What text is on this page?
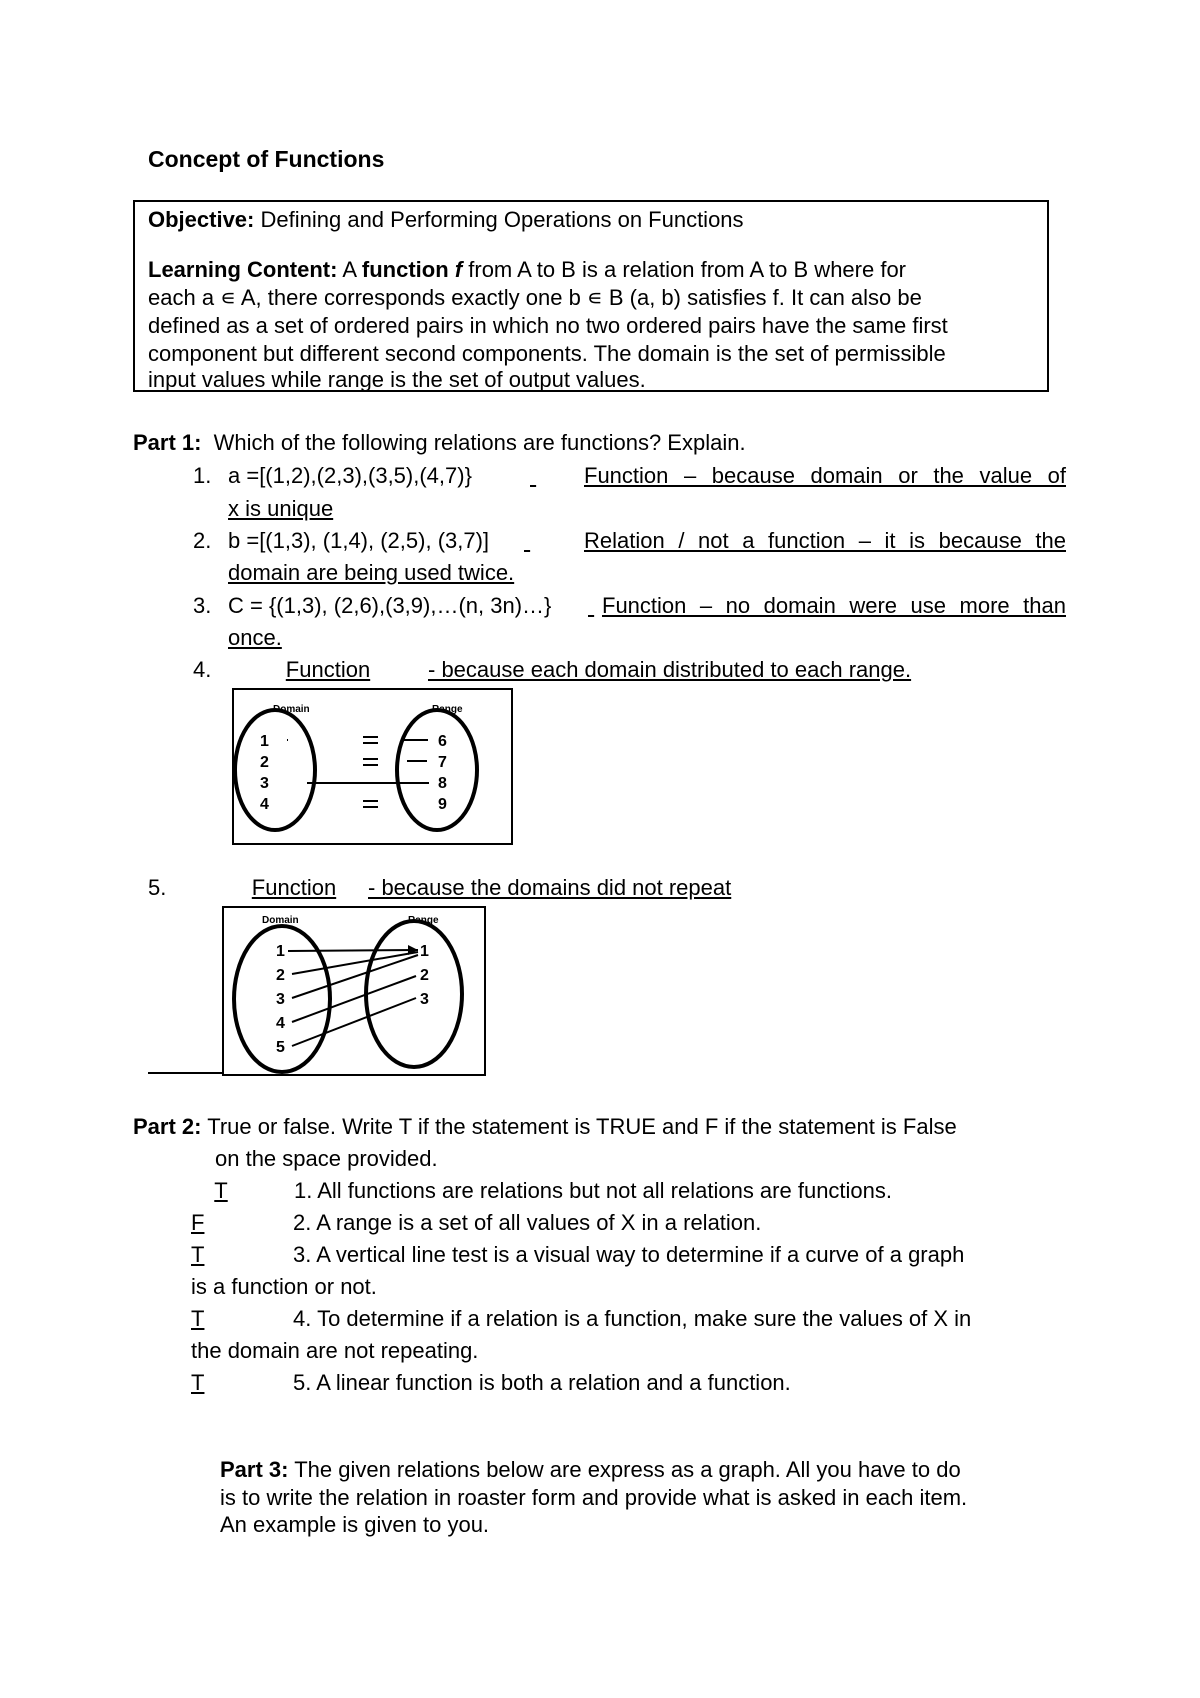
Concept of Functions

Objective: Defining and Performing Operations on Functions

Learning Content: A function f from A to B is a relation from A to B where for

each a ∊ A, there corresponds exactly one b ∊ B (a, b) satisfies f. It can also be

defined as a set of ordered pairs in which no two ordered pairs have the same first

component but different second components. The domain is the set of permissible

input values while range is the set of output values.

Part 1: Which of the following relations are functions? Explain.
1. a =[(1,2),(2,3),(3,5),(4,7)}
	Function – because domain or the value of
x is unique
2. b =[(1,3), (1,4), (2,5), (3,7)]
	Relation / not a function – it is because the
domain are being used twice.
3. C = {(1,3), (2,6),(3,9),…(n, 3n)…}
Function – no domain were use more than
once.
4.	Function	- because each domain distributed to each range.
Domain	Range
1
2
3
4
6
7
8
9
5.	Function	- because the domains did not repeat
Domain	Range
1
2
3
4
5
1
2
3
Part 2: True or false. Write T if the statement is TRUE and F if the statement is False
on the space provided.
T	1. All functions are relations but not all relations are functions.
F	2. A range is a set of all values of X in a relation.
T	3. A vertical line test is a visual way to determine if a curve of a graph
is a function or not.
T	4. To determine if a relation is a function, make sure the values of X in
the domain are not repeating.
T	5. A linear function is both a relation and a function.
Part 3: The given relations below are express as a graph. All you have to do
is to write the relation in roaster form and provide what is asked in each item.
An example is given to you.
